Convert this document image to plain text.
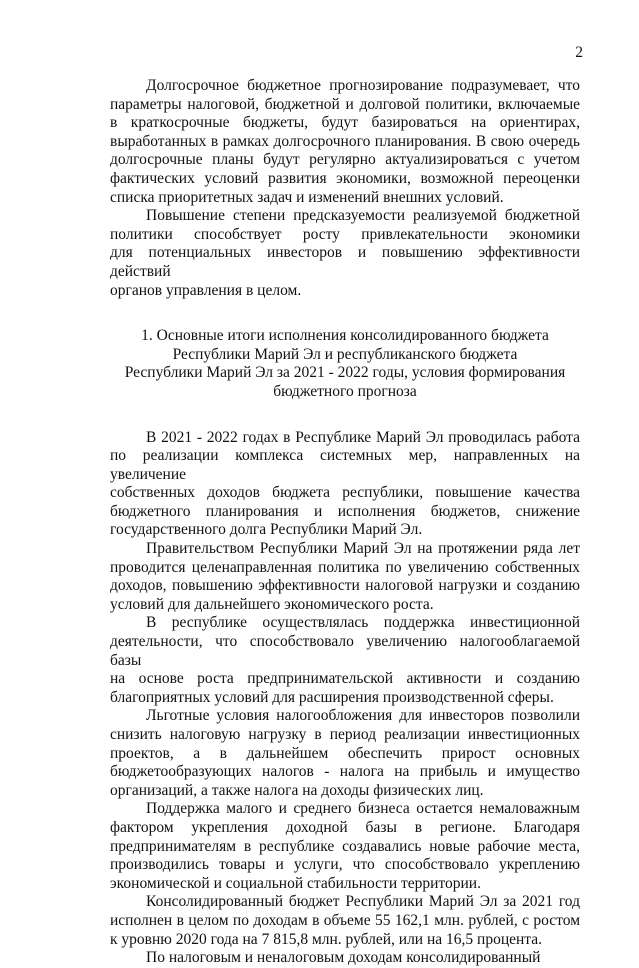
2

Долгосрочное бюджетное прогнозирование подразумевает, что
параметры налоговой, бюджетной и долговой политики, включаемые
в краткосрочные бюджеты, будут базироваться на ориентирах,
выработанных в рамках долгосрочного планирования. В свою очередь
долгосрочные планы будут регулярно актуализироваться с учетом
фактических условий развития экономики, возможной переоценки
списка приоритетных задач и изменений внешних условий.

Повышение степени предсказуемости реализуемой бюджетной
политики способствует росту привлекательности экономики
для потенциальных инвесторов и повышению эффективности действий
органов управления в целом.

1. Основные итоги исполнения консолидированного бюджета
Республики Марий Эл и республиканского бюджета
Республики Марий Эл за 2021 - 2022 годы, условия формирования
бюджетного прогноза

В 2021 - 2022 годах в Республике Марий Эл проводилась работа
по реализации комплекса системных мер, направленных на увеличение
собственных доходов бюджета республики, повышение качества
бюджетного планирования и исполнения бюджетов, снижение
государственного долга Республики Марий Эл.

Правительством Республики Марий Эл на протяжении ряда лет
проводится целенаправленная политика по увеличению собственных
доходов, повышению эффективности налоговой нагрузки и созданию
условий для дальнейшего экономического роста.

В республике осуществлялась поддержка инвестиционной
деятельности, что способствовало увеличению налогооблагаемой базы
на основе роста предпринимательской активности и созданию
благоприятных условий для расширения производственной сферы.

Льготные условия налогообложения для инвесторов позволили
снизить налоговую нагрузку в период реализации инвестиционных
проектов, а в дальнейшем обеспечить прирост основных
бюджетообразующих налогов - налога на прибыль и имущество
организаций, а также налога на доходы физических лиц.

Поддержка малого и среднего бизнеса остается немаловажным
фактором укрепления доходной базы в регионе. Благодаря
предпринимателям в республике создавались новые рабочие места,
производились товары и услуги, что способствовало укреплению
экономической и социальной стабильности территории.

Консолидированный бюджет Республики Марий Эл за 2021 год
исполнен в целом по доходам в объеме 55 162,1 млн. рублей, с ростом
к уровню 2020 года на 7 815,8 млн. рублей, или на 16,5 процента.

По налоговым и неналоговым доходам консолидированный
